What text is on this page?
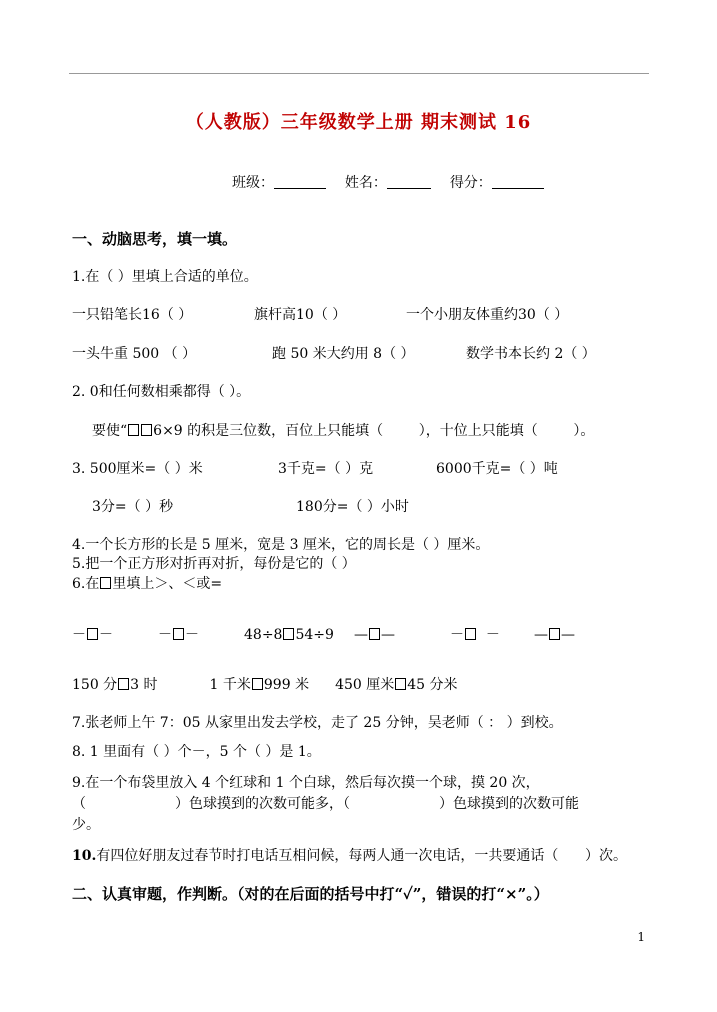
（人教版）三年级数学上册 期末测试 16
班级：	姓名：	得分：
一、动脑思考，填一填。
1.在（ ）里填上合适的单位。
一只铅笔长16（ ）	旗杆高10（ ）	一个小朋友体重约30（ ）
一头牛重 500 （ ）	跑 50 米大约用 8（ ）	数学书本长约 2（ ）
2. 0和任何数相乘都得（ ）。
要使“ 6×9 的积是三位数，百位上只能填（        ），十位上只能填（        ）。
3. 500厘米=（ ）米	3千克=（ ）克	6000千克=（ ）吨
3分=（ ）秒	180分=（ ）小时
4.一个长方形的长是 5 厘米，宽是 3 厘米，它的周长是（ ）厘米。
5.把一个正方形对折再对折，每份是它的（ ）
6.在 里填上＞、＜或=
－ －	－ －	48÷8 54÷9 — —	－  － — —
150 分 3 时	1 千米 999 米 450 厘米 45 分米
7.张老师上午 7：05 从家里出发去学校，走了 25 分钟，吴老师（ ： ）到校。
8. 1 里面有（ ）个－，5 个（ ）是 1。
9.在一个布袋里放入 4 个红球和 1 个白球，然后每次摸一个球，摸 20 次，
（                    ）色球摸到的次数可能多，（                    ）色球摸到的次数可能
少。
10.有四位好朋友过春节时打电话互相问候，每两人通一次电话，一共要通话（      ）次。
二、认真审题，作判断。（对的在后面的括号中打“✓”，错误的打“×”。）
1
